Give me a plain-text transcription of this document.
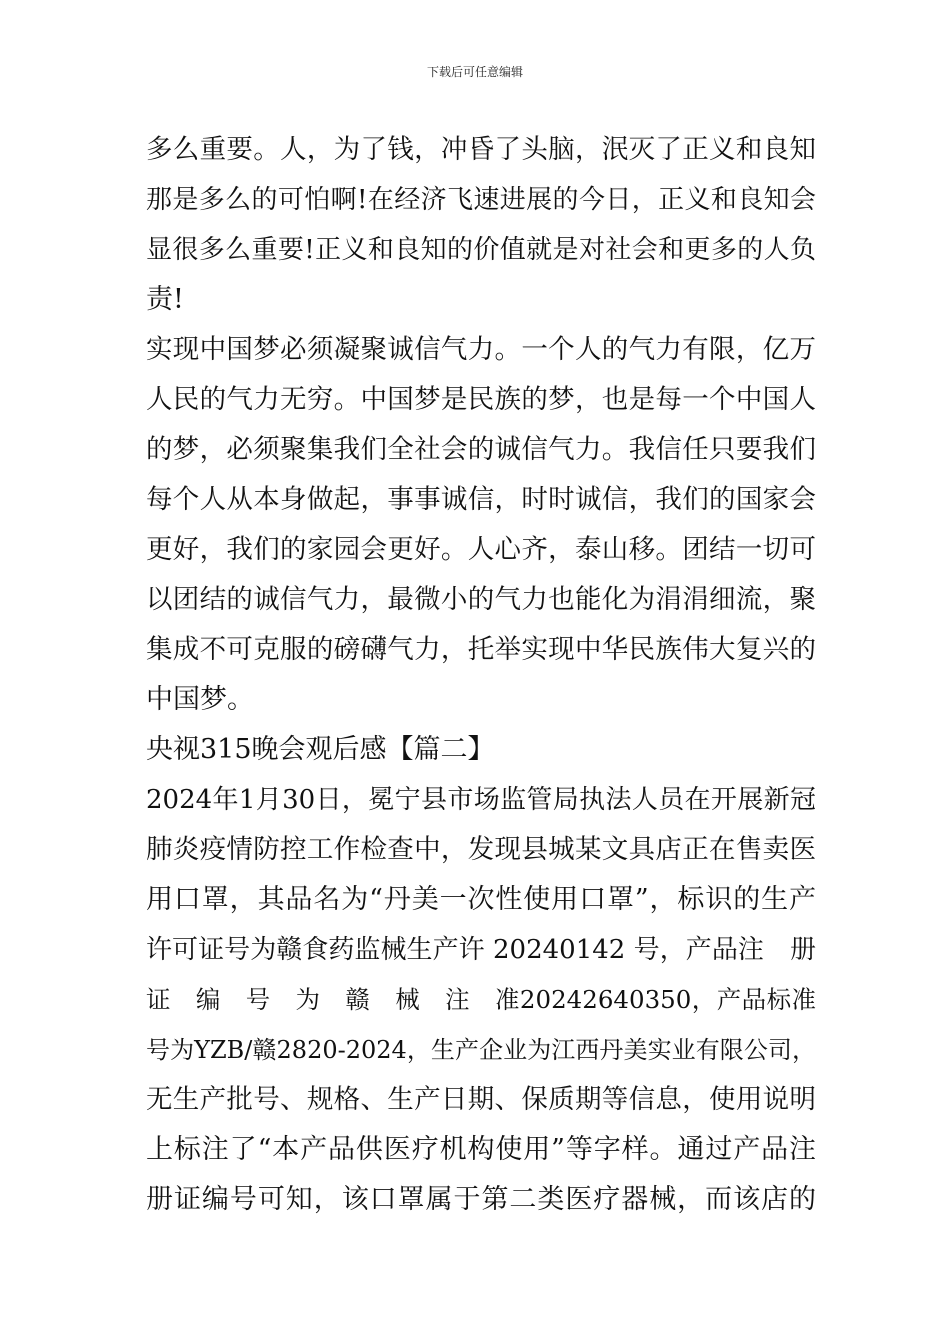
下载后可任意编辑
多么重要。人，为了钱，冲昏了头脑，泯灭了正义和良知
那是多么的可怕啊!在经济飞速进展的今日，正义和良知会
显很多么重要!正义和良知的价值就是对社会和更多的人负
责!
实现中国梦必须凝聚诚信气力。一个人的气力有限，亿万
人民的气力无穷。中国梦是民族的梦，也是每一个中国人
的梦，必须聚集我们全社会的诚信气力。我信任只要我们
每个人从本身做起，事事诚信，时时诚信，我们的国家会
更好，我们的家园会更好。人心齐，泰山移。团结一切可
以团结的诚信气力，最微小的气力也能化为涓涓细流，聚
集成不可克服的磅礴气力，托举实现中华民族伟大复兴的
中国梦。
央视315晚会观后感【篇二】
2024年1月30日，冕宁县市场监管局执法人员在开展新冠
肺炎疫情防控工作检查中，发现县城某文具店正在售卖医
用口罩，其品名为“丹美一次性使用口罩”，标识的生产
许可证号为赣食药监械生产许 20240142 号，产品注　册
证　编　号　为　赣　械　注　准20242640350，产品标准
号为YZB/赣2820-2024，生产企业为江西丹美实业有限公司，
无生产批号、规格、生产日期、保质期等信息，使用说明
上标注了“本产品供医疗机构使用”等字样。通过产品注
册证编号可知，该口罩属于第二类医疗器械，而该店的
